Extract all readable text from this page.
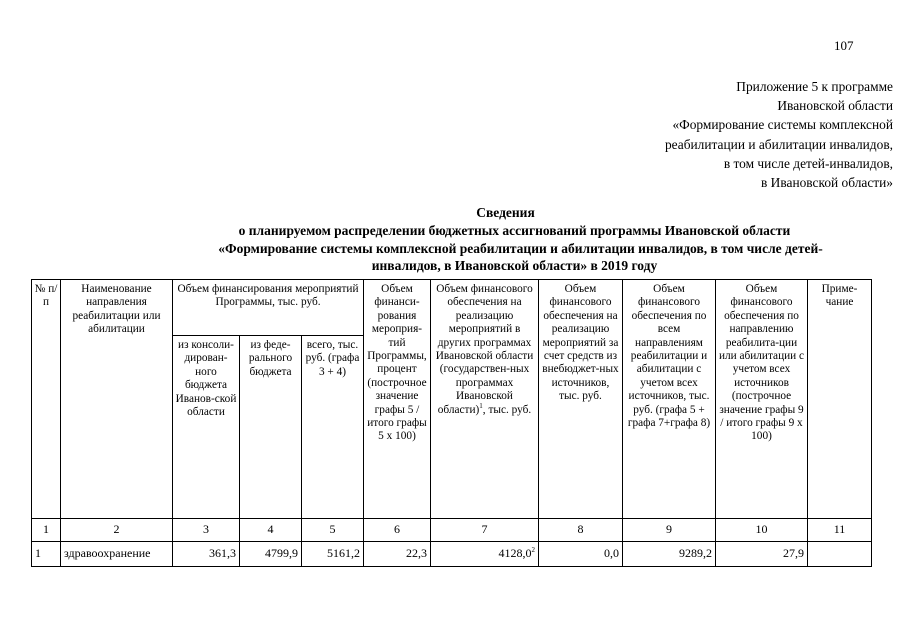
107
Приложение 5 к программе
Ивановской области
«Формирование системы комплексной
реабилитации и абилитации инвалидов,
в том числе детей-инвалидов,
в Ивановской области»
Сведения
о планируемом распределении бюджетных ассигнований программы Ивановской области
«Формирование системы комплексной реабилитации и абилитации инвалидов, в том числе детей-
инвалидов, в Ивановской области» в 2019 году
№ п/п	Наименование направления реабилитации или абилитации	Объем финансирования мероприятий Программы, тыс. руб.			Объем финанси-рования мероприя-тий Программы, процент (построчное значение графы 5 / итого графы 5 x 100)	Объем финансового обеспечения на реализацию мероприятий в других программах Ивановской области (государствен-ных программах Ивановской области)$^1$, тыс. руб.	Объем финансового обеспечения на реализацию мероприятий за счет средств из внебюджет-ных источников, тыс. руб.	Объем финансового обеспечения по всем направлениям реабилитации и абилитации с учетом всех источников, тыс. руб. (графа 5 + графа 7+графа 8)	Объем финансового обеспечения по направлению реабилита-ции или абилитации с учетом всех источников (построчное значение графы 9 / итого графы 9 x 100)	Приме-чание
		из консоли-дирован-ного бюджета Иванов-ской области	из феде-рального бюджета	всего, тыс. руб. (графа 3 + 4)						
1	2	3	4	5	6	7	8	9	10	11
1	здравоохранение	361,3	4799,9	5161,2	22,3	4128,0$^2$	0,0	9289,2	27,9	
